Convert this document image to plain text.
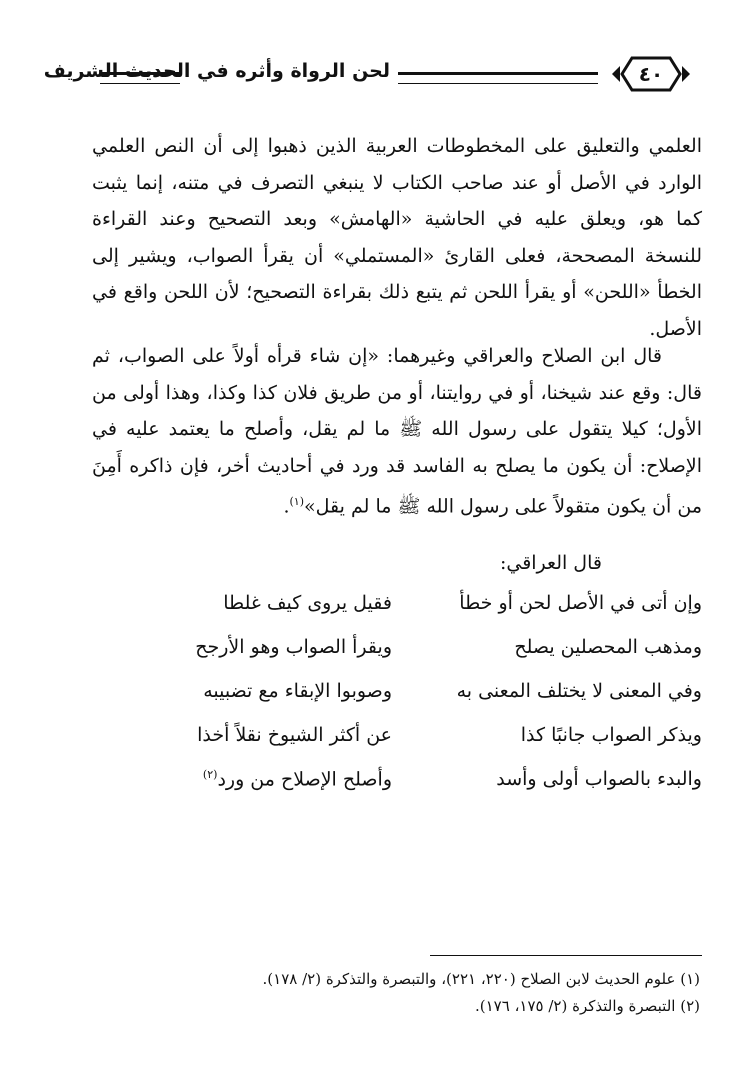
٤٠
لحن الرواة وأثره في الحديث الشريف
العلمي والتعليق على المخطوطات العربية الذين ذهبوا إلى أن النص العلمي الوارد في الأصل أو عند صاحب الكتاب لا ينبغي التصرف في متنه، إنما يثبت كما هو، ويعلق عليه في الحاشية «الهامش» وبعد التصحيح وعند القراءة للنسخة المصححة، فعلى القارئ «المستملي» أن يقرأ الصواب، ويشير إلى الخطأ «اللحن» أو يقرأ اللحن ثم يتبع ذلك بقراءة التصحيح؛ لأن اللحن واقع في الأصل.
قال ابن الصلاح والعراقي وغيرهما: «إن شاء قرأه أولاً على الصواب، ثم قال: وقع عند شيخنا، أو في روايتنا، أو من طريق فلان كذا وكذا، وهذا أولى من الأول؛ كيلا يتقول على رسول الله ﷺ ما لم يقل، وأصلح ما يعتمد عليه في الإصلاح: أن يكون ما يصلح به الفاسد قد ورد في أحاديث أخر، فإن ذاكره أَمِنَ من أن يكون متقولاً على رسول الله ﷺ ما لم يقل»$^{(١)}$.
قال العراقي:
وإن أتى في الأصل لحن أو خطأ
فقيل يروى كيف غلطا
ومذهب المحصلين يصلح
ويقرأ الصواب وهو الأرجح
وفي المعنى لا يختلف المعنى به
وصوبوا الإبقاء مع تضبيبه
ويذكر الصواب جانبًا كذا
عن أكثر الشيوخ نقلاً أخذا
والبدء بالصواب أولى وأسد
وأصلح الإصلاح من ورد$^{(٢)}$
(١) علوم الحديث لابن الصلاح (٢٢٠، ٢٢١)، والتبصرة والتذكرة (٢/ ١٧٨).
(٢) التبصرة والتذكرة (٢/ ١٧٥، ١٧٦).
